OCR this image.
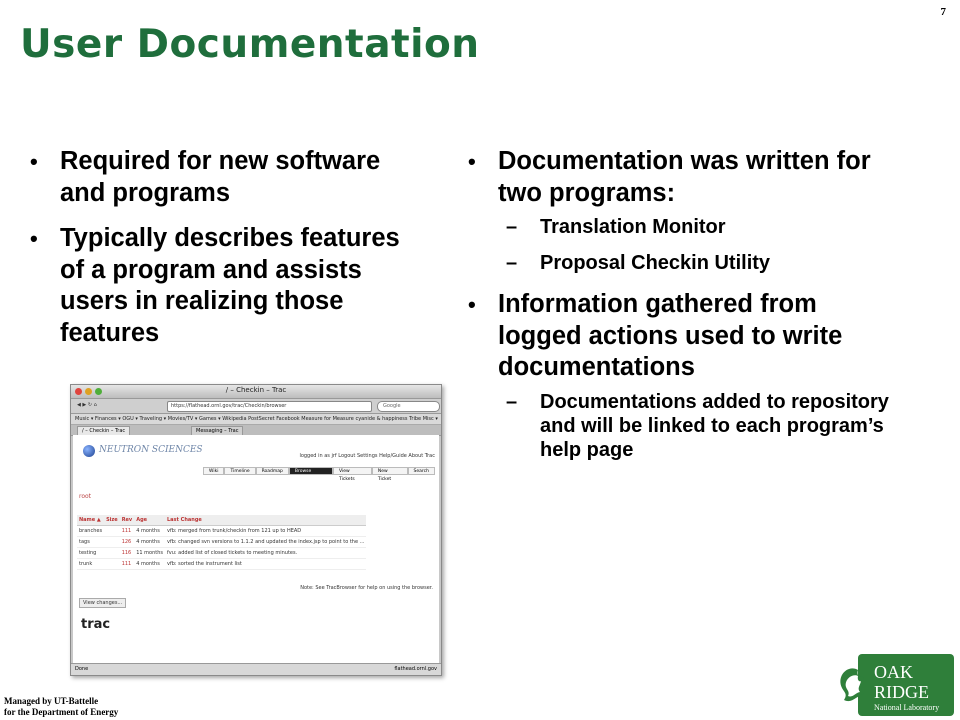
7
User Documentation
• Required for new software and programs
• Typically describes features of a program and assists users in realizing those features
• Documentation was written for two programs:
– Translation Monitor
– Proposal Checkin Utility
• Information gathered from logged actions used to write documentations
– Documentations added to repository and will be linked to each program’s help page
/ – Checkin – Trac
◀ ▶ ↻ ⌂	https://flathead.ornl.gov/trac/Checkin/browser	Google
Music ▾ Finances ▾ OGU ▾ Traveling ▾ Movies/TV ▾ Games ▾ Wikipedia PostSecret Facebook Measure for Measure cyanide & happiness Tribe Misc ▾
/ – Checkin – Trac	Messaging – Trac
NEUTRON SCIENCES
logged in as jrf Logout Settings Help/Guide About Trac
Wiki	Timeline	Roadmap	Browse Source
View Tickets
New Ticket
Search
root
Name ▲	Size	Rev	Age	Last Change
branches		111	4 months	vfb: merged from trunk/checkin from 121 up to HEAD
tags		126	4 months	vfb: changed svn versions to 1.1.2 and updated the index.jsp to point to the ...
testing		116	11 months	fvu: added list of closed tickets to meeting minutes.
trunk		111	4 months	vfb: sorted the instrument list
Note: See TracBrowser for help on using the browser.
View changes...
trac
Done	flathead.ornl.gov
Managed by UT-Battelle
for the Department of Energy
OAK
RIDGE
National Laboratory
